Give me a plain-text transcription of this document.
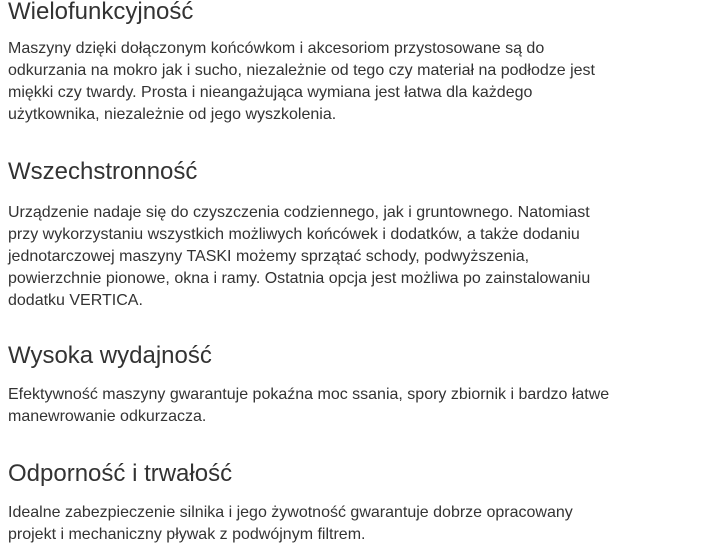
Wielofunkcyjność

Maszyny dzięki dołączonym końcówkom i akcesoriom przystosowane są do
odkurzania na mokro jak i sucho, niezależnie od tego czy materiał na podłodze jest
miękki czy twardy. Prosta i nieangażująca wymiana jest łatwa dla każdego
użytkownika, niezależnie od jego wyszkolenia.

Wszechstronność

Urządzenie nadaje się do czyszczenia codziennego, jak i gruntownego. Natomiast
przy wykorzystaniu wszystkich możliwych końcówek i dodatków, a także dodaniu
jednotarczowej maszyny TASKI możemy sprzątać schody, podwyższenia,
powierzchnie pionowe, okna i ramy. Ostatnia opcja jest możliwa po zainstalowaniu
dodatku VERTICA.

Wysoka wydajność

Efektywność maszyny gwarantuje pokaźna moc ssania, spory zbiornik i bardzo łatwe
manewrowanie odkurzacza.

Odporność i trwałość

Idealne zabezpieczenie silnika i jego żywotność gwarantuje dobrze opracowany
projekt i mechaniczny pływak z podwójnym filtrem.
